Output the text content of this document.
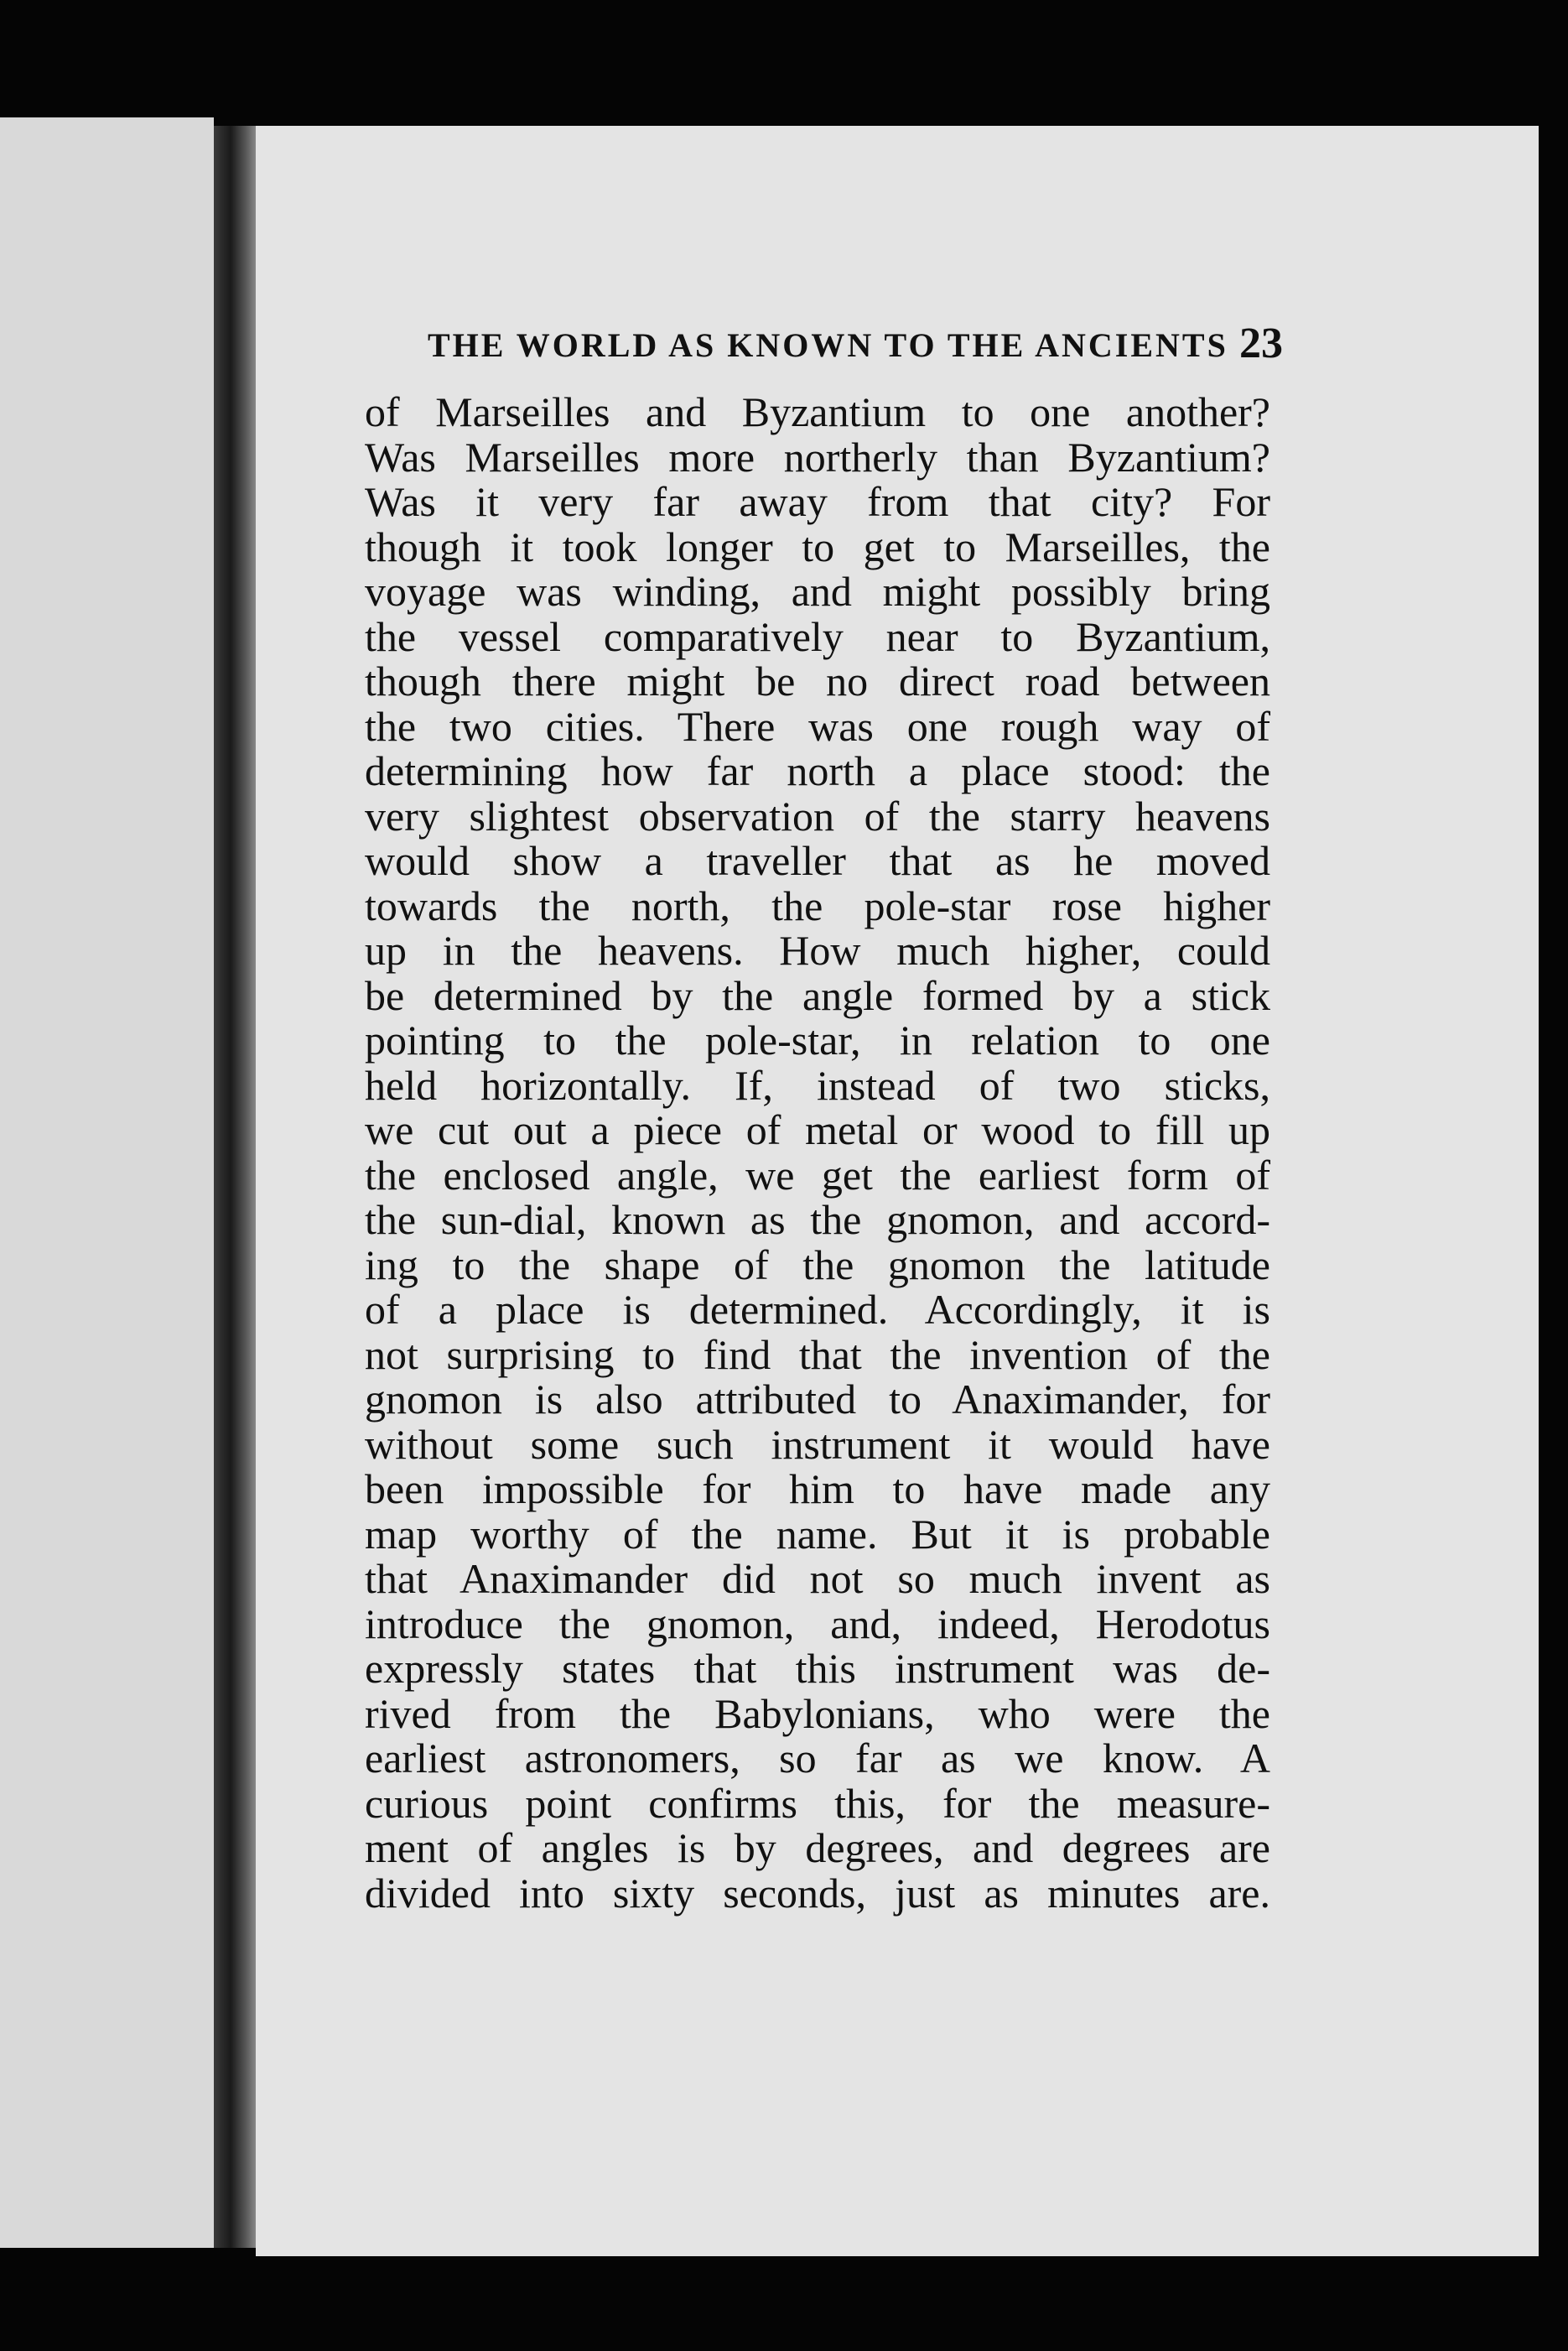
THE WORLD AS KNOWN TO THE ANCIENTS 23
of Marseilles and Byzantium to one another?
Was Marseilles more northerly than Byzantium?
Was it very far away from that city? For
though it took longer to get to Marseilles, the
voyage was winding, and might possibly bring
the vessel comparatively near to Byzantium,
though there might be no direct road between
the two cities. There was one rough way of
determining how far north a place stood: the
very slightest observation of the starry heavens
would show a traveller that as he moved
towards the north, the pole-star rose higher
up in the heavens. How much higher, could
be determined by the angle formed by a stick
pointing to the pole-star, in relation to one
held horizontally. If, instead of two sticks,
we cut out a piece of metal or wood to fill up
the enclosed angle, we get the earliest form of
the sun-dial, known as the gnomon, and accord-
ing to the shape of the gnomon the latitude
of a place is determined. Accordingly, it is
not surprising to find that the invention of the
gnomon is also attributed to Anaximander, for
without some such instrument it would have
been impossible for him to have made any
map worthy of the name. But it is probable
that Anaximander did not so much invent as
introduce the gnomon, and, indeed, Herodotus
expressly states that this instrument was de-
rived from the Babylonians, who were the
earliest astronomers, so far as we know. A
curious point confirms this, for the measure-
ment of angles is by degrees, and degrees are
divided into sixty seconds, just as minutes are.
